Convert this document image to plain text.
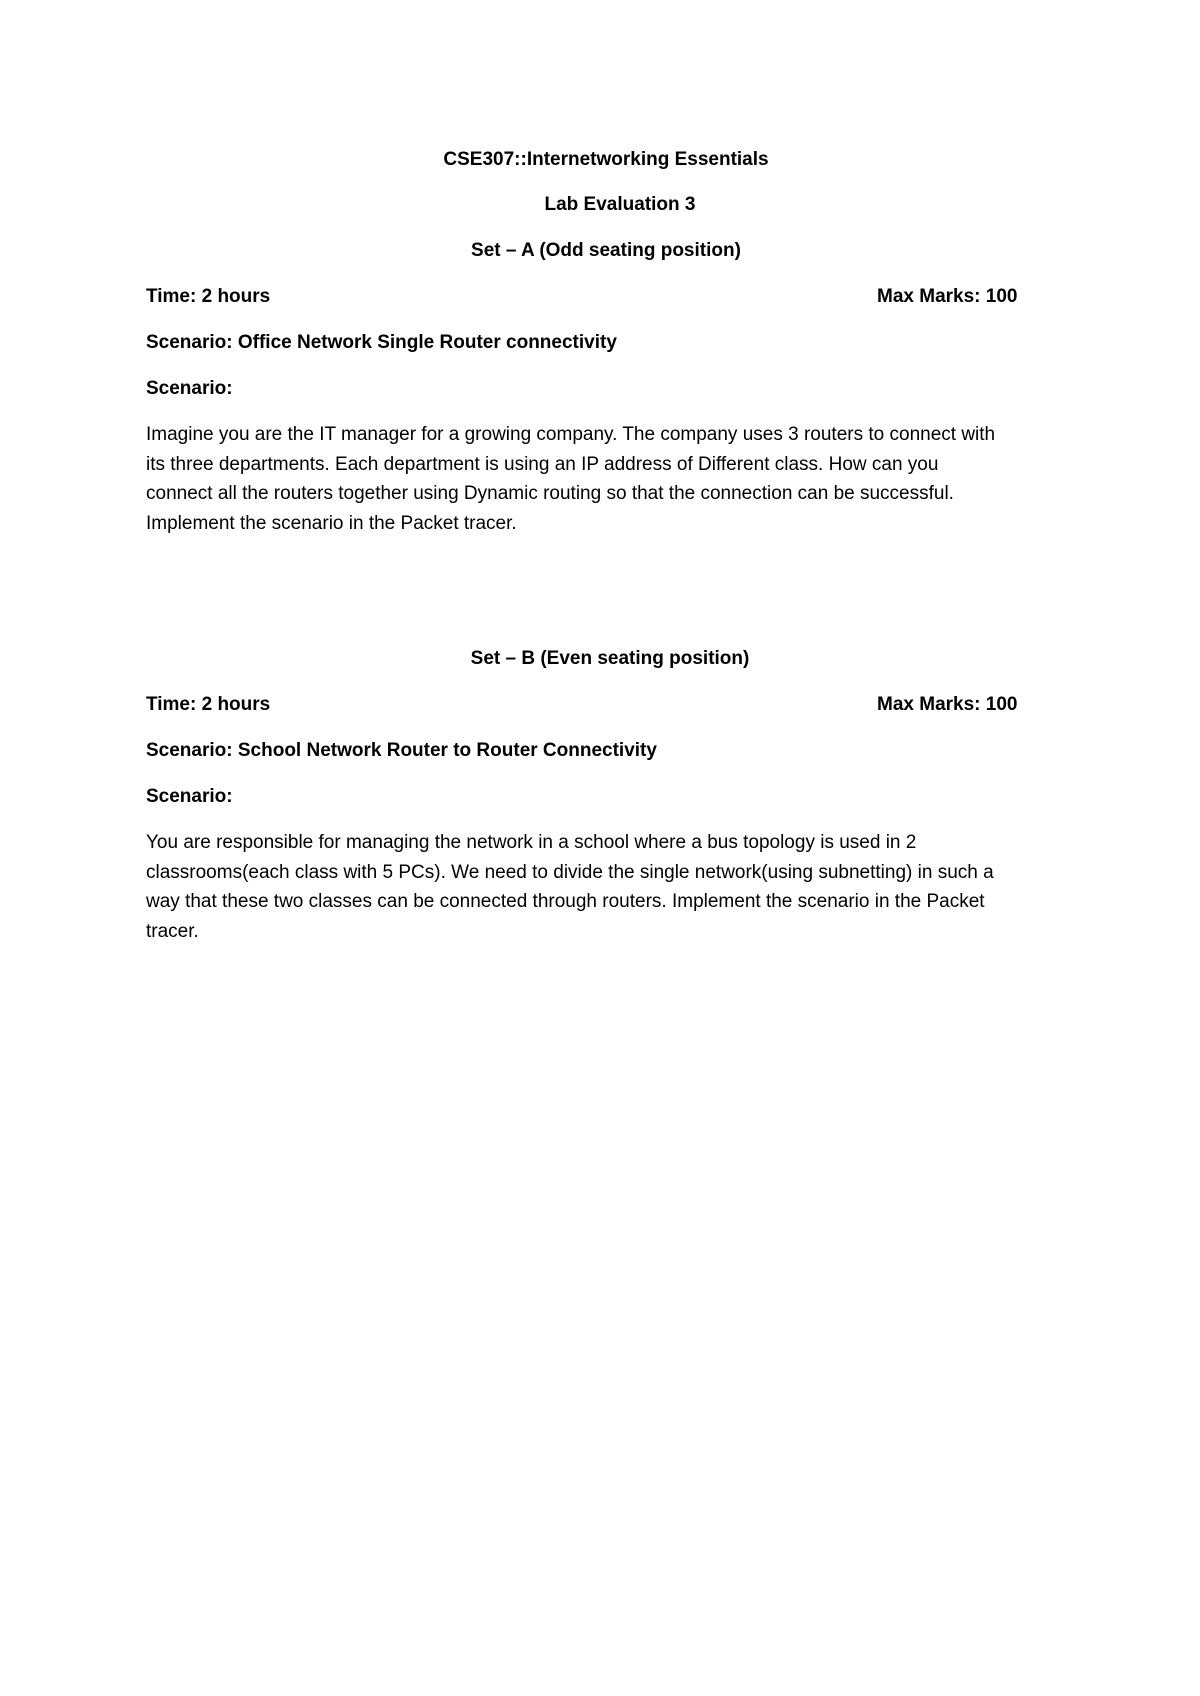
CSE307::Internetworking Essentials
Lab Evaluation 3
Set – A (Odd seating position)
Time: 2 hours	Max Marks: 100
Scenario: Office Network Single Router connectivity
Scenario:
Imagine you are the IT manager for a growing company. The company uses 3 routers to connect with
its three departments. Each department is using an IP address of Different class. How can you
connect all the routers together using Dynamic routing so that the connection can be successful.
Implement the scenario in the Packet tracer.
Set – B (Even seating position)
Time: 2 hours	Max Marks: 100
Scenario: School Network Router to Router Connectivity
Scenario:
You are responsible for managing the network in a school where a bus topology is used in 2
classrooms(each class with 5 PCs). We need to divide the single network(using subnetting) in such a
way that these two classes can be connected through routers. Implement the scenario in the Packet
tracer.
